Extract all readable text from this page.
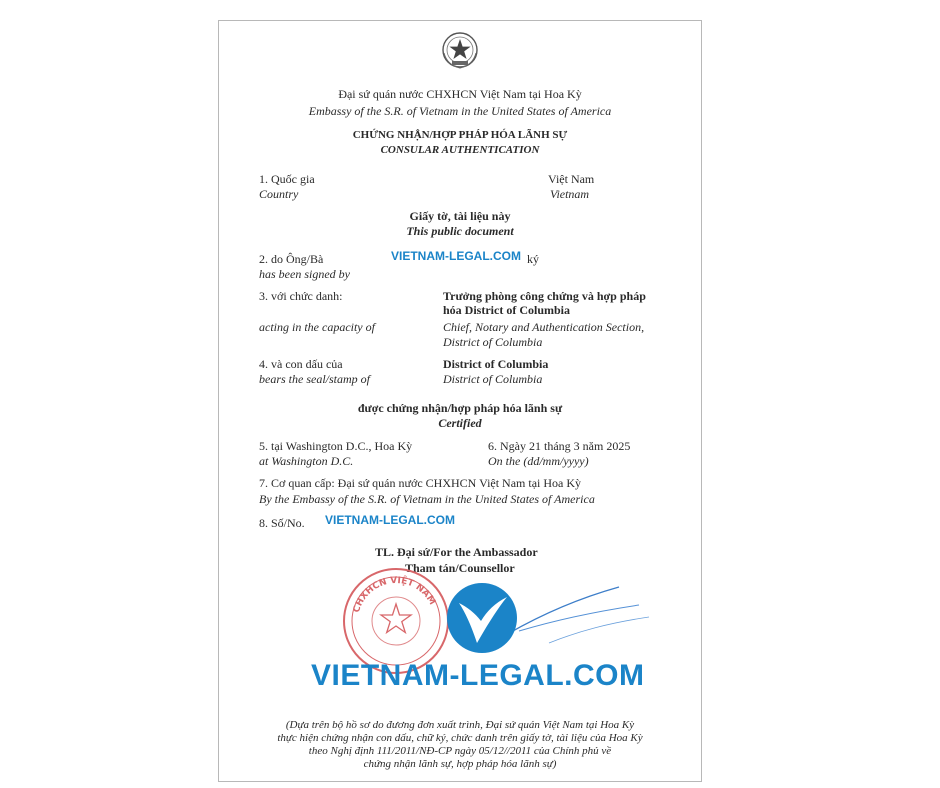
Đại sứ quán nước CHXHCN Việt Nam tại Hoa Kỳ
Embassy of the S.R. of Vietnam in the United States of America
CHỨNG NHẬN/HỢP PHÁP HÓA LÃNH SỰ
CONSULAR AUTHENTICATION
1. Quốc gia
Country
Việt Nam
Vietnam
Giấy tờ, tài liệu này
This public document
2. do Ông/Bà
has been signed by
VIETNAM-LEGAL.COM ký
3. với chức danh:
acting in the capacity of
Trưởng phòng công chứng và hợp pháp
hóa District of Columbia
Chief, Notary and Authentication Section,
District of Columbia
4. và con dấu của
bears the seal/stamp of
District of Columbia
District of Columbia
được chứng nhận/hợp pháp hóa lãnh sự
Certified
5. tại Washington D.C., Hoa Kỳ
at Washington D.C.
6. Ngày 21 tháng 3 năm 2025
On the (dd/mm/yyyy)
7. Cơ quan cấp: Đại sứ quán nước CHXHCN Việt Nam tại Hoa Kỳ
By the Embassy of the S.R. of Vietnam in the United States of America
8. Số/No. VIETNAM-LEGAL.COM
TL. Đại sứ/For the Ambassador
Tham tán/Counsellor
CHXHCN VIỆT NAM
VIETNAM-LEGAL.COM
(Dựa trên bộ hồ sơ do đương đơn xuất trình, Đại sứ quán Việt Nam tại Hoa Kỳ
thực hiện chứng nhận con dấu, chữ ký, chức danh trên giấy tờ, tài liệu của Hoa Kỳ
theo Nghị định 111/2011/NĐ-CP ngày 05/12//2011 của Chính phủ về
chứng nhận lãnh sự, hợp pháp hóa lãnh sự)
